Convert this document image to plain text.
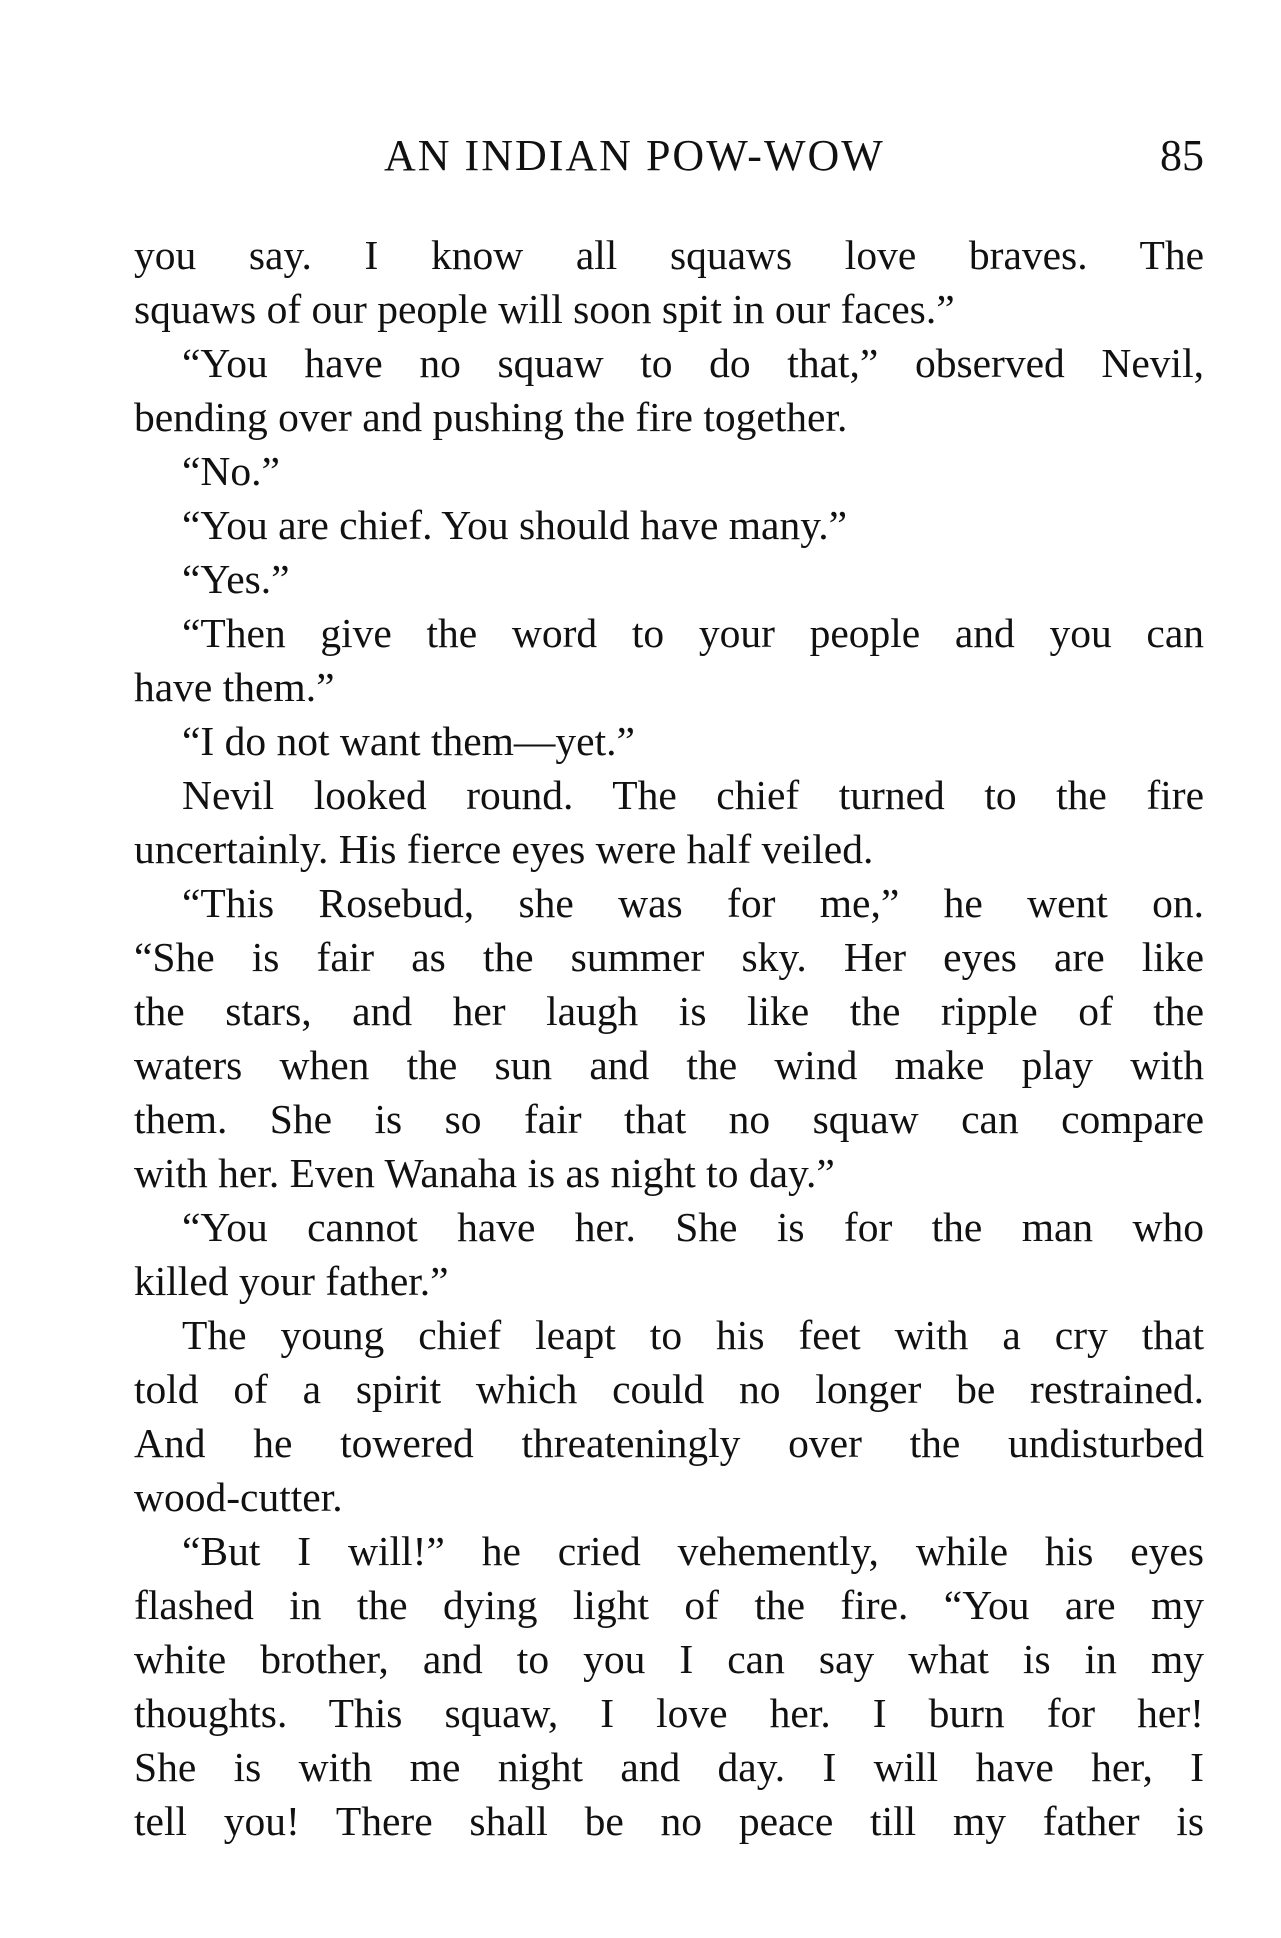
AN INDIAN POW-WOW	85
you say. I know all squaws love braves. The
squaws of our people will soon spit in our faces.”
“You have no squaw to do that,” observed Nevil,
bending over and pushing the fire together.
“No.”
“You are chief. You should have many.”
“Yes.”
“Then give the word to your people and you can
have them.”
“I do not want them—yet.”
Nevil looked round. The chief turned to the fire
uncertainly. His fierce eyes were half veiled.
“This Rosebud, she was for me,” he went on.
“She is fair as the summer sky. Her eyes are like
the stars, and her laugh is like the ripple of the
waters when the sun and the wind make play with
them. She is so fair that no squaw can compare
with her. Even Wanaha is as night to day.”
“You cannot have her. She is for the man who
killed your father.”
The young chief leapt to his feet with a cry that
told of a spirit which could no longer be restrained.
And he towered threateningly over the undisturbed
wood-cutter.
“But I will!” he cried vehemently, while his eyes
flashed in the dying light of the fire. “You are my
white brother, and to you I can say what is in my
thoughts. This squaw, I love her. I burn for her!
She is with me night and day. I will have her, I
tell you! There shall be no peace till my father is
